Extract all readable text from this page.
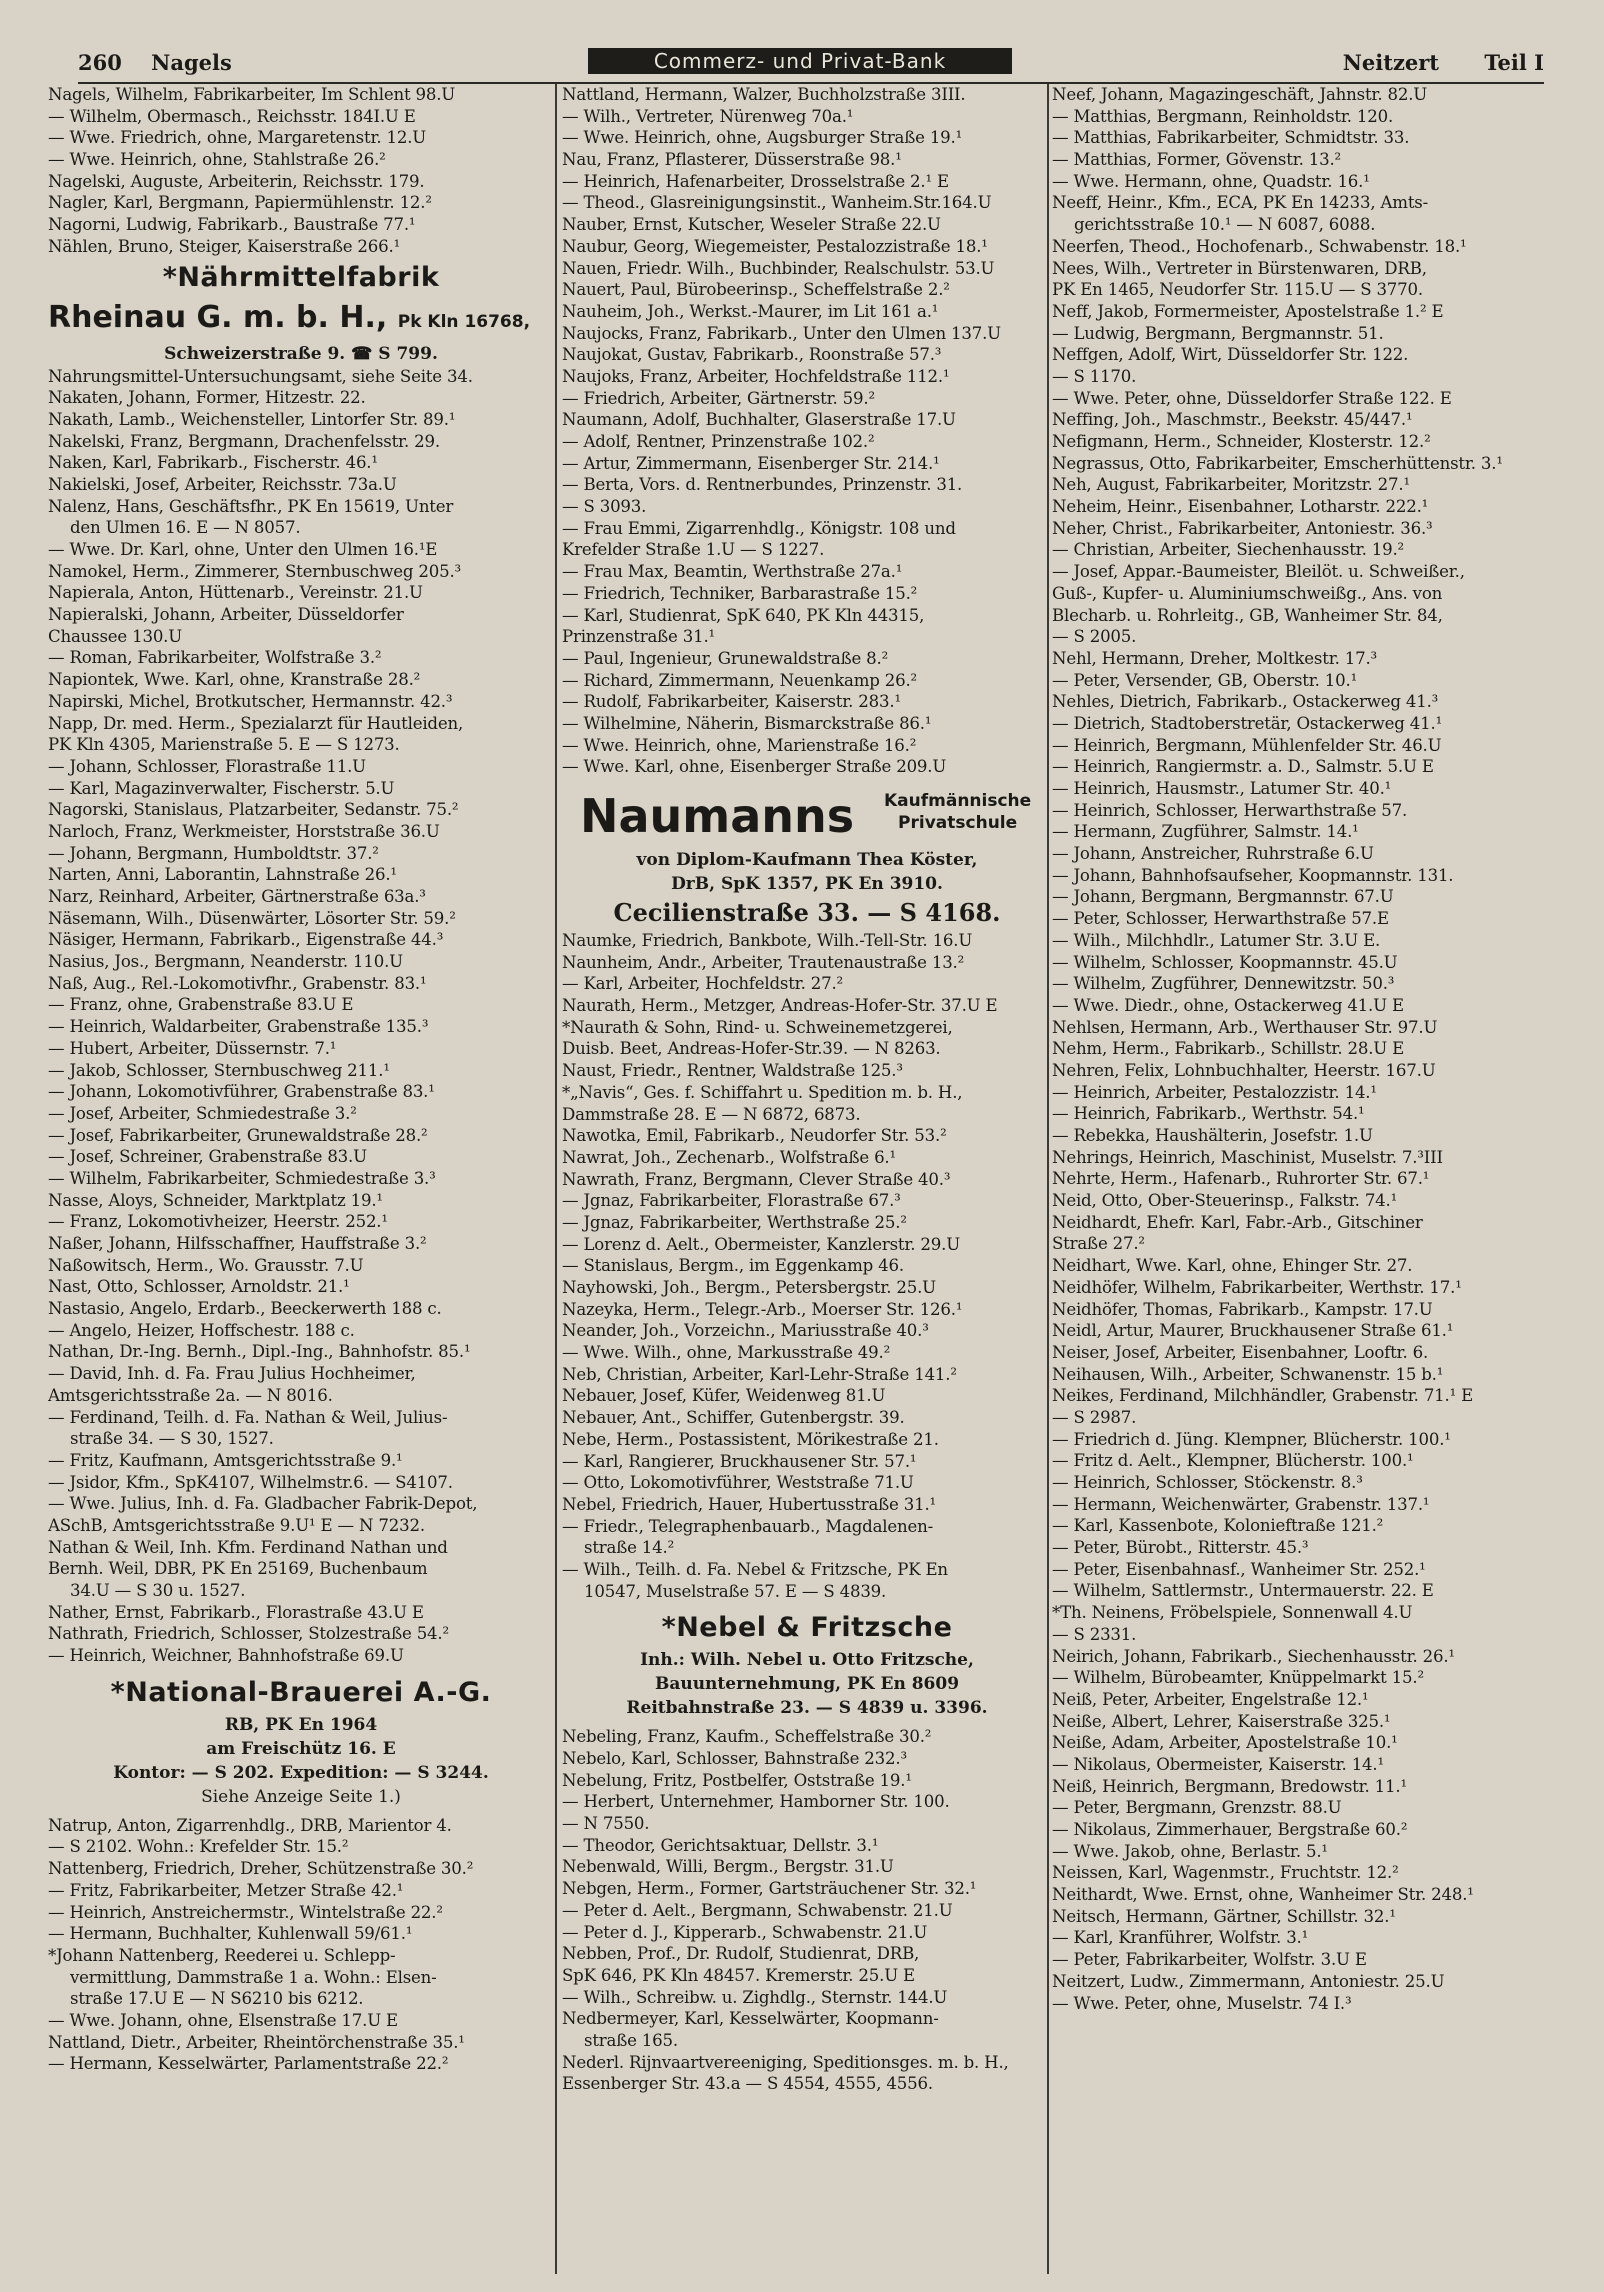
260 Nagels	Commerz- und Privat-Bank	Neitzert Teil I
Nagels, Wilhelm, Fabrikarbeiter, Im Schlent 98.U
— Wilhelm, Obermasch., Reichsstr. 184I.U E
— Wwe. Friedrich, ohne, Margaretenstr. 12.U
— Wwe. Heinrich, ohne, Stahlstraße 26.²
Nagelski, Auguste, Arbeiterin, Reichsstr. 179.
Nagler, Karl, Bergmann, Papiermühlenstr. 12.²
Nagorni, Ludwig, Fabrikarb., Baustraße 77.¹
Nählen, Bruno, Steiger, Kaiserstraße 266.¹
*Nährmittelfabrik
Rheinau G. m. b. H., Pk Kln 16768,
Schweizerstraße 9. ☎ S 799.
Nahrungsmittel-Untersuchungsamt, siehe Seite 34.
Nakaten, Johann, Former, Hitzestr. 22.
Nakath, Lamb., Weichensteller, Lintorfer Str. 89.¹
Nakelski, Franz, Bergmann, Drachenfelsstr. 29.
Naken, Karl, Fabrikarb., Fischerstr. 46.¹
Nakielski, Josef, Arbeiter, Reichsstr. 73a.U
Nalenz, Hans, Geschäftsfhr., PK En 15619, Unter
den Ulmen 16. E — N 8057.
— Wwe. Dr. Karl, ohne, Unter den Ulmen 16.¹E
Namokel, Herm., Zimmerer, Sternbuschweg 205.³
Napierala, Anton, Hüttenarb., Vereinstr. 21.U
Napieralski, Johann, Arbeiter, Düsseldorfer
Chaussee 130.U
— Roman, Fabrikarbeiter, Wolfstraße 3.²
Napiontek, Wwe. Karl, ohne, Kranstraße 28.²
Napirski, Michel, Brotkutscher, Hermannstr. 42.³
Napp, Dr. med. Herm., Spezialarzt für Hautleiden,
PK Kln 4305, Marienstraße 5. E — S 1273.
— Johann, Schlosser, Florastraße 11.U
— Karl, Magazinverwalter, Fischerstr. 5.U
Nagorski, Stanislaus, Platzarbeiter, Sedanstr. 75.²
Narloch, Franz, Werkmeister, Horststraße 36.U
— Johann, Bergmann, Humboldtstr. 37.²
Narten, Anni, Laborantin, Lahnstraße 26.¹
Narz, Reinhard, Arbeiter, Gärtnerstraße 63a.³
Näsemann, Wilh., Düsenwärter, Lösorter Str. 59.²
Näsiger, Hermann, Fabrikarb., Eigenstraße 44.³
Nasius, Jos., Bergmann, Neanderstr. 110.U
Naß, Aug., Rel.-Lokomotivfhr., Grabenstr. 83.¹
— Franz, ohne, Grabenstraße 83.U E
— Heinrich, Waldarbeiter, Grabenstraße 135.³
— Hubert, Arbeiter, Düssernstr. 7.¹
— Jakob, Schlosser, Sternbuschweg 211.¹
— Johann, Lokomotivführer, Grabenstraße 83.¹
— Josef, Arbeiter, Schmiedestraße 3.²
— Josef, Fabrikarbeiter, Grunewaldstraße 28.²
— Josef, Schreiner, Grabenstraße 83.U
— Wilhelm, Fabrikarbeiter, Schmiedestraße 3.³
Nasse, Aloys, Schneider, Marktplatz 19.¹
— Franz, Lokomotivheizer, Heerstr. 252.¹
Naßer, Johann, Hilfsschaffner, Hauffstraße 3.²
Naßowitsch, Herm., Wo. Grausstr. 7.U
Nast, Otto, Schlosser, Arnoldstr. 21.¹
Nastasio, Angelo, Erdarb., Beeckerwerth 188 c.
— Angelo, Heizer, Hoffschestr. 188 c.
Nathan, Dr.-Ing. Bernh., Dipl.-Ing., Bahnhofstr. 85.¹
— David, Inh. d. Fa. Frau Julius Hochheimer,
Amtsgerichtsstraße 2a. — N 8016.
— Ferdinand, Teilh. d. Fa. Nathan & Weil, Julius-
straße 34. — S 30, 1527.
— Fritz, Kaufmann, Amtsgerichtsstraße 9.¹
— Jsidor, Kfm., SpK4107, Wilhelmstr.6. — S4107.
— Wwe. Julius, Inh. d. Fa. Gladbacher Fabrik-Depot,
ASchB, Amtsgerichtsstraße 9.U¹ E — N 7232.
Nathan & Weil, Inh. Kfm. Ferdinand Nathan und
Bernh. Weil, DBR, PK En 25169, Buchenbaum
34.U — S 30 u. 1527.
Nather, Ernst, Fabrikarb., Florastraße 43.U E
Nathrath, Friedrich, Schlosser, Stolzestraße 54.²
— Heinrich, Weichner, Bahnhofstraße 69.U
*National-Brauerei A.-G.
RB, PK En 1964
am Freischütz 16. E
Kontor: — S 202. Expedition: — S 3244.
Siehe Anzeige Seite 1.)
Natrup, Anton, Zigarrenhdlg., DRB, Marientor 4.
— S 2102. Wohn.: Krefelder Str. 15.²
Nattenberg, Friedrich, Dreher, Schützenstraße 30.²
— Fritz, Fabrikarbeiter, Metzer Straße 42.¹
— Heinrich, Anstreichermstr., Wintelstraße 22.²
— Hermann, Buchhalter, Kuhlenwall 59/61.¹
*Johann Nattenberg, Reederei u. Schlepp-
vermittlung, Dammstraße 1 a. Wohn.: Elsen-
straße 17.U E — N S6210 bis 6212.
— Wwe. Johann, ohne, Elsenstraße 17.U E
Nattland, Dietr., Arbeiter, Rheintörchenstraße 35.¹
— Hermann, Kesselwärter, Parlamentstraße 22.²
Nattland, Hermann, Walzer, Buchholzstraße 3III.
— Wilh., Vertreter, Nürenweg 70a.¹
— Wwe. Heinrich, ohne, Augsburger Straße 19.¹
Nau, Franz, Pflasterer, Düsserstraße 98.¹
— Heinrich, Hafenarbeiter, Drosselstraße 2.¹ E
— Theod., Glasreinigungsinstit., Wanheim.Str.164.U
Nauber, Ernst, Kutscher, Weseler Straße 22.U
Naubur, Georg, Wiegemeister, Pestalozzistraße 18.¹
Nauen, Friedr. Wilh., Buchbinder, Realschulstr. 53.U
Nauert, Paul, Bürobeerinsp., Scheffelstraße 2.²
Nauheim, Joh., Werkst.-Maurer, im Lit 161 a.¹
Naujocks, Franz, Fabrikarb., Unter den Ulmen 137.U
Naujokat, Gustav, Fabrikarb., Roonstraße 57.³
Naujoks, Franz, Arbeiter, Hochfeldstraße 112.¹
— Friedrich, Arbeiter, Gärtnerstr. 59.²
Naumann, Adolf, Buchhalter, Glaserstraße 17.U
— Adolf, Rentner, Prinzenstraße 102.²
— Artur, Zimmermann, Eisenberger Str. 214.¹
— Berta, Vors. d. Rentnerbundes, Prinzenstr. 31.
— S 3093.
— Frau Emmi, Zigarrenhdlg., Königstr. 108 und
Krefelder Straße 1.U — S 1227.
— Frau Max, Beamtin, Werthstraße 27a.¹
— Friedrich, Techniker, Barbarastraße 15.²
— Karl, Studienrat, SpK 640, PK Kln 44315,
Prinzenstraße 31.¹
— Paul, Ingenieur, Grunewaldstraße 8.²
— Richard, Zimmermann, Neuenkamp 26.²
— Rudolf, Fabrikarbeiter, Kaiserstr. 283.¹
— Wilhelmine, Näherin, Bismarckstraße 86.¹
— Wwe. Heinrich, ohne, Marienstraße 16.²
— Wwe. Karl, ohne, Eisenberger Straße 209.U
Naumanns Kaufmännische
Privatschule
von Diplom-Kaufmann Thea Köster,
DrB, SpK 1357, PK En 3910.
Cecilienstraße 33. — S 4168.
Naumke, Friedrich, Bankbote, Wilh.-Tell-Str. 16.U
Naunheim, Andr., Arbeiter, Trautenaustraße 13.²
— Karl, Arbeiter, Hochfeldstr. 27.²
Naurath, Herm., Metzger, Andreas-Hofer-Str. 37.U E
*Naurath & Sohn, Rind- u. Schweinemetzgerei,
Duisb. Beet, Andreas-Hofer-Str.39. — N 8263.
Naust, Friedr., Rentner, Waldstraße 125.³
*„Navis“, Ges. f. Schiffahrt u. Spedition m. b. H.,
Dammstraße 28. E — N 6872, 6873.
Nawotka, Emil, Fabrikarb., Neudorfer Str. 53.²
Nawrat, Joh., Zechenarb., Wolfstraße 6.¹
Nawrath, Franz, Bergmann, Clever Straße 40.³
— Jgnaz, Fabrikarbeiter, Florastraße 67.³
— Jgnaz, Fabrikarbeiter, Werthstraße 25.²
— Lorenz d. Aelt., Obermeister, Kanzlerstr. 29.U
— Stanislaus, Bergm., im Eggenkamp 46.
Nayhowski, Joh., Bergm., Petersbergstr. 25.U
Nazeyka, Herm., Telegr.-Arb., Moerser Str. 126.¹
Neander, Joh., Vorzeichn., Mariusstraße 40.³
— Wwe. Wilh., ohne, Markusstraße 49.²
Neb, Christian, Arbeiter, Karl-Lehr-Straße 141.²
Nebauer, Josef, Küfer, Weidenweg 81.U
Nebauer, Ant., Schiffer, Gutenbergstr. 39.
Nebe, Herm., Postassistent, Mörikestraße 21.
— Karl, Rangierer, Bruckhausener Str. 57.¹
— Otto, Lokomotivführer, Weststraße 71.U
Nebel, Friedrich, Hauer, Hubertusstraße 31.¹
— Friedr., Telegraphenbauarb., Magdalenen-
straße 14.²
— Wilh., Teilh. d. Fa. Nebel & Fritzsche, PK En
10547, Muselstraße 57. E — S 4839.
*Nebel & Fritzsche
Inh.: Wilh. Nebel u. Otto Fritzsche,
Bauunternehmung, PK En 8609
Reitbahnstraße 23. — S 4839 u. 3396.
Nebeling, Franz, Kaufm., Scheffelstraße 30.²
Nebelo, Karl, Schlosser, Bahnstraße 232.³
Nebelung, Fritz, Postbelfer, Oststraße 19.¹
— Herbert, Unternehmer, Hamborner Str. 100.
— N 7550.
— Theodor, Gerichtsaktuar, Dellstr. 3.¹
Nebenwald, Willi, Bergm., Bergstr. 31.U
Nebgen, Herm., Former, Gartsträuchener Str. 32.¹
— Peter d. Aelt., Bergmann, Schwabenstr. 21.U
— Peter d. J., Kipperarb., Schwabenstr. 21.U
Nebben, Prof., Dr. Rudolf, Studienrat, DRB,
SpK 646, PK Kln 48457. Kremerstr. 25.U E
— Wilh., Schreibw. u. Zighdlg., Sternstr. 144.U
Nedbermeyer, Karl, Kesselwärter, Koopmann-
straße 165.
Nederl. Rijnvaartvereeniging, Speditionsges. m. b. H.,
Essenberger Str. 43.a — S 4554, 4555, 4556.
Neef, Johann, Magazingeschäft, Jahnstr. 82.U
— Matthias, Bergmann, Reinholdstr. 120.
— Matthias, Fabrikarbeiter, Schmidtstr. 33.
— Matthias, Former, Gövenstr. 13.²
— Wwe. Hermann, ohne, Quadstr. 16.¹
Neeff, Heinr., Kfm., ECA, PK En 14233, Amts-
gerichtsstraße 10.¹ — N 6087, 6088.
Neerfen, Theod., Hochofenarb., Schwabenstr. 18.¹
Nees, Wilh., Vertreter in Bürstenwaren, DRB,
PK En 1465, Neudorfer Str. 115.U — S 3770.
Neff, Jakob, Formermeister, Apostelstraße 1.² E
— Ludwig, Bergmann, Bergmannstr. 51.
Neffgen, Adolf, Wirt, Düsseldorfer Str. 122.
— S 1170.
— Wwe. Peter, ohne, Düsseldorfer Straße 122. E
Neffing, Joh., Maschmstr., Beekstr. 45/447.¹
Nefigmann, Herm., Schneider, Klosterstr. 12.²
Negrassus, Otto, Fabrikarbeiter, Emscherhüttenstr. 3.¹
Neh, August, Fabrikarbeiter, Moritzstr. 27.¹
Neheim, Heinr., Eisenbahner, Lotharstr. 222.¹
Neher, Christ., Fabrikarbeiter, Antoniestr. 36.³
— Christian, Arbeiter, Siechenhausstr. 19.²
— Josef, Appar.-Baumeister, Bleilöt. u. Schweißer.,
Guß-, Kupfer- u. Aluminiumschweißg., Ans. von
Blecharb. u. Rohrleitg., GB, Wanheimer Str. 84,
— S 2005.
Nehl, Hermann, Dreher, Moltkestr. 17.³
— Peter, Versender, GB, Oberstr. 10.¹
Nehles, Dietrich, Fabrikarb., Ostackerweg 41.³
— Dietrich, Stadtoberstretär, Ostackerweg 41.¹
— Heinrich, Bergmann, Mühlenfelder Str. 46.U
— Heinrich, Rangiermstr. a. D., Salmstr. 5.U E
— Heinrich, Hausmstr., Latumer Str. 40.¹
— Heinrich, Schlosser, Herwarthstraße 57.
— Hermann, Zugführer, Salmstr. 14.¹
— Johann, Anstreicher, Ruhrstraße 6.U
— Johann, Bahnhofsaufseher, Koopmannstr. 131.
— Johann, Bergmann, Bergmannstr. 67.U
— Peter, Schlosser, Herwarthstraße 57.E
— Wilh., Milchhdlr., Latumer Str. 3.U E.
— Wilhelm, Schlosser, Koopmannstr. 45.U
— Wilhelm, Zugführer, Dennewitzstr. 50.³
— Wwe. Diedr., ohne, Ostackerweg 41.U E
Nehlsen, Hermann, Arb., Werthauser Str. 97.U
Nehm, Herm., Fabrikarb., Schillstr. 28.U E
Nehren, Felix, Lohnbuchhalter, Heerstr. 167.U
— Heinrich, Arbeiter, Pestalozzistr. 14.¹
— Heinrich, Fabrikarb., Werthstr. 54.¹
— Rebekka, Haushälterin, Josefstr. 1.U
Nehrings, Heinrich, Maschinist, Muselstr. 7.³III
Nehrte, Herm., Hafenarb., Ruhrorter Str. 67.¹
Neid, Otto, Ober-Steuerinsp., Falkstr. 74.¹
Neidhardt, Ehefr. Karl, Fabr.-Arb., Gitschiner
Straße 27.²
Neidhart, Wwe. Karl, ohne, Ehinger Str. 27.
Neidhöfer, Wilhelm, Fabrikarbeiter, Werthstr. 17.¹
Neidhöfer, Thomas, Fabrikarb., Kampstr. 17.U
Neidl, Artur, Maurer, Bruckhausener Straße 61.¹
Neiser, Josef, Arbeiter, Eisenbahner, Looftr. 6.
Neihausen, Wilh., Arbeiter, Schwanenstr. 15 b.¹
Neikes, Ferdinand, Milchhändler, Grabenstr. 71.¹ E
— S 2987.
— Friedrich d. Jüng. Klempner, Blücherstr. 100.¹
— Fritz d. Aelt., Klempner, Blücherstr. 100.¹
— Heinrich, Schlosser, Stöckenstr. 8.³
— Hermann, Weichenwärter, Grabenstr. 137.¹
— Karl, Kassenbote, Kolonieftraße 121.²
— Peter, Bürobt., Ritterstr. 45.³
— Peter, Eisenbahnasf., Wanheimer Str. 252.¹
— Wilhelm, Sattlermstr., Untermauerstr. 22. E
*Th. Neinens, Fröbelspiele, Sonnenwall 4.U
— S 2331.
Neirich, Johann, Fabrikarb., Siechenhausstr. 26.¹
— Wilhelm, Bürobeamter, Knüppelmarkt 15.²
Neiß, Peter, Arbeiter, Engelstraße 12.¹
Neiße, Albert, Lehrer, Kaiserstraße 325.¹
Neiße, Adam, Arbeiter, Apostelstraße 10.¹
— Nikolaus, Obermeister, Kaiserstr. 14.¹
Neiß, Heinrich, Bergmann, Bredowstr. 11.¹
— Peter, Bergmann, Grenzstr. 88.U
— Nikolaus, Zimmerhauer, Bergstraße 60.²
— Wwe. Jakob, ohne, Berlastr. 5.¹
Neissen, Karl, Wagenmstr., Fruchtstr. 12.²
Neithardt, Wwe. Ernst, ohne, Wanheimer Str. 248.¹
Neitsch, Hermann, Gärtner, Schillstr. 32.¹
— Karl, Kranführer, Wolfstr. 3.¹
— Peter, Fabrikarbeiter, Wolfstr. 3.U E
Neitzert, Ludw., Zimmermann, Antoniestr. 25.U
— Wwe. Peter, ohne, Muselstr. 74 I.³
